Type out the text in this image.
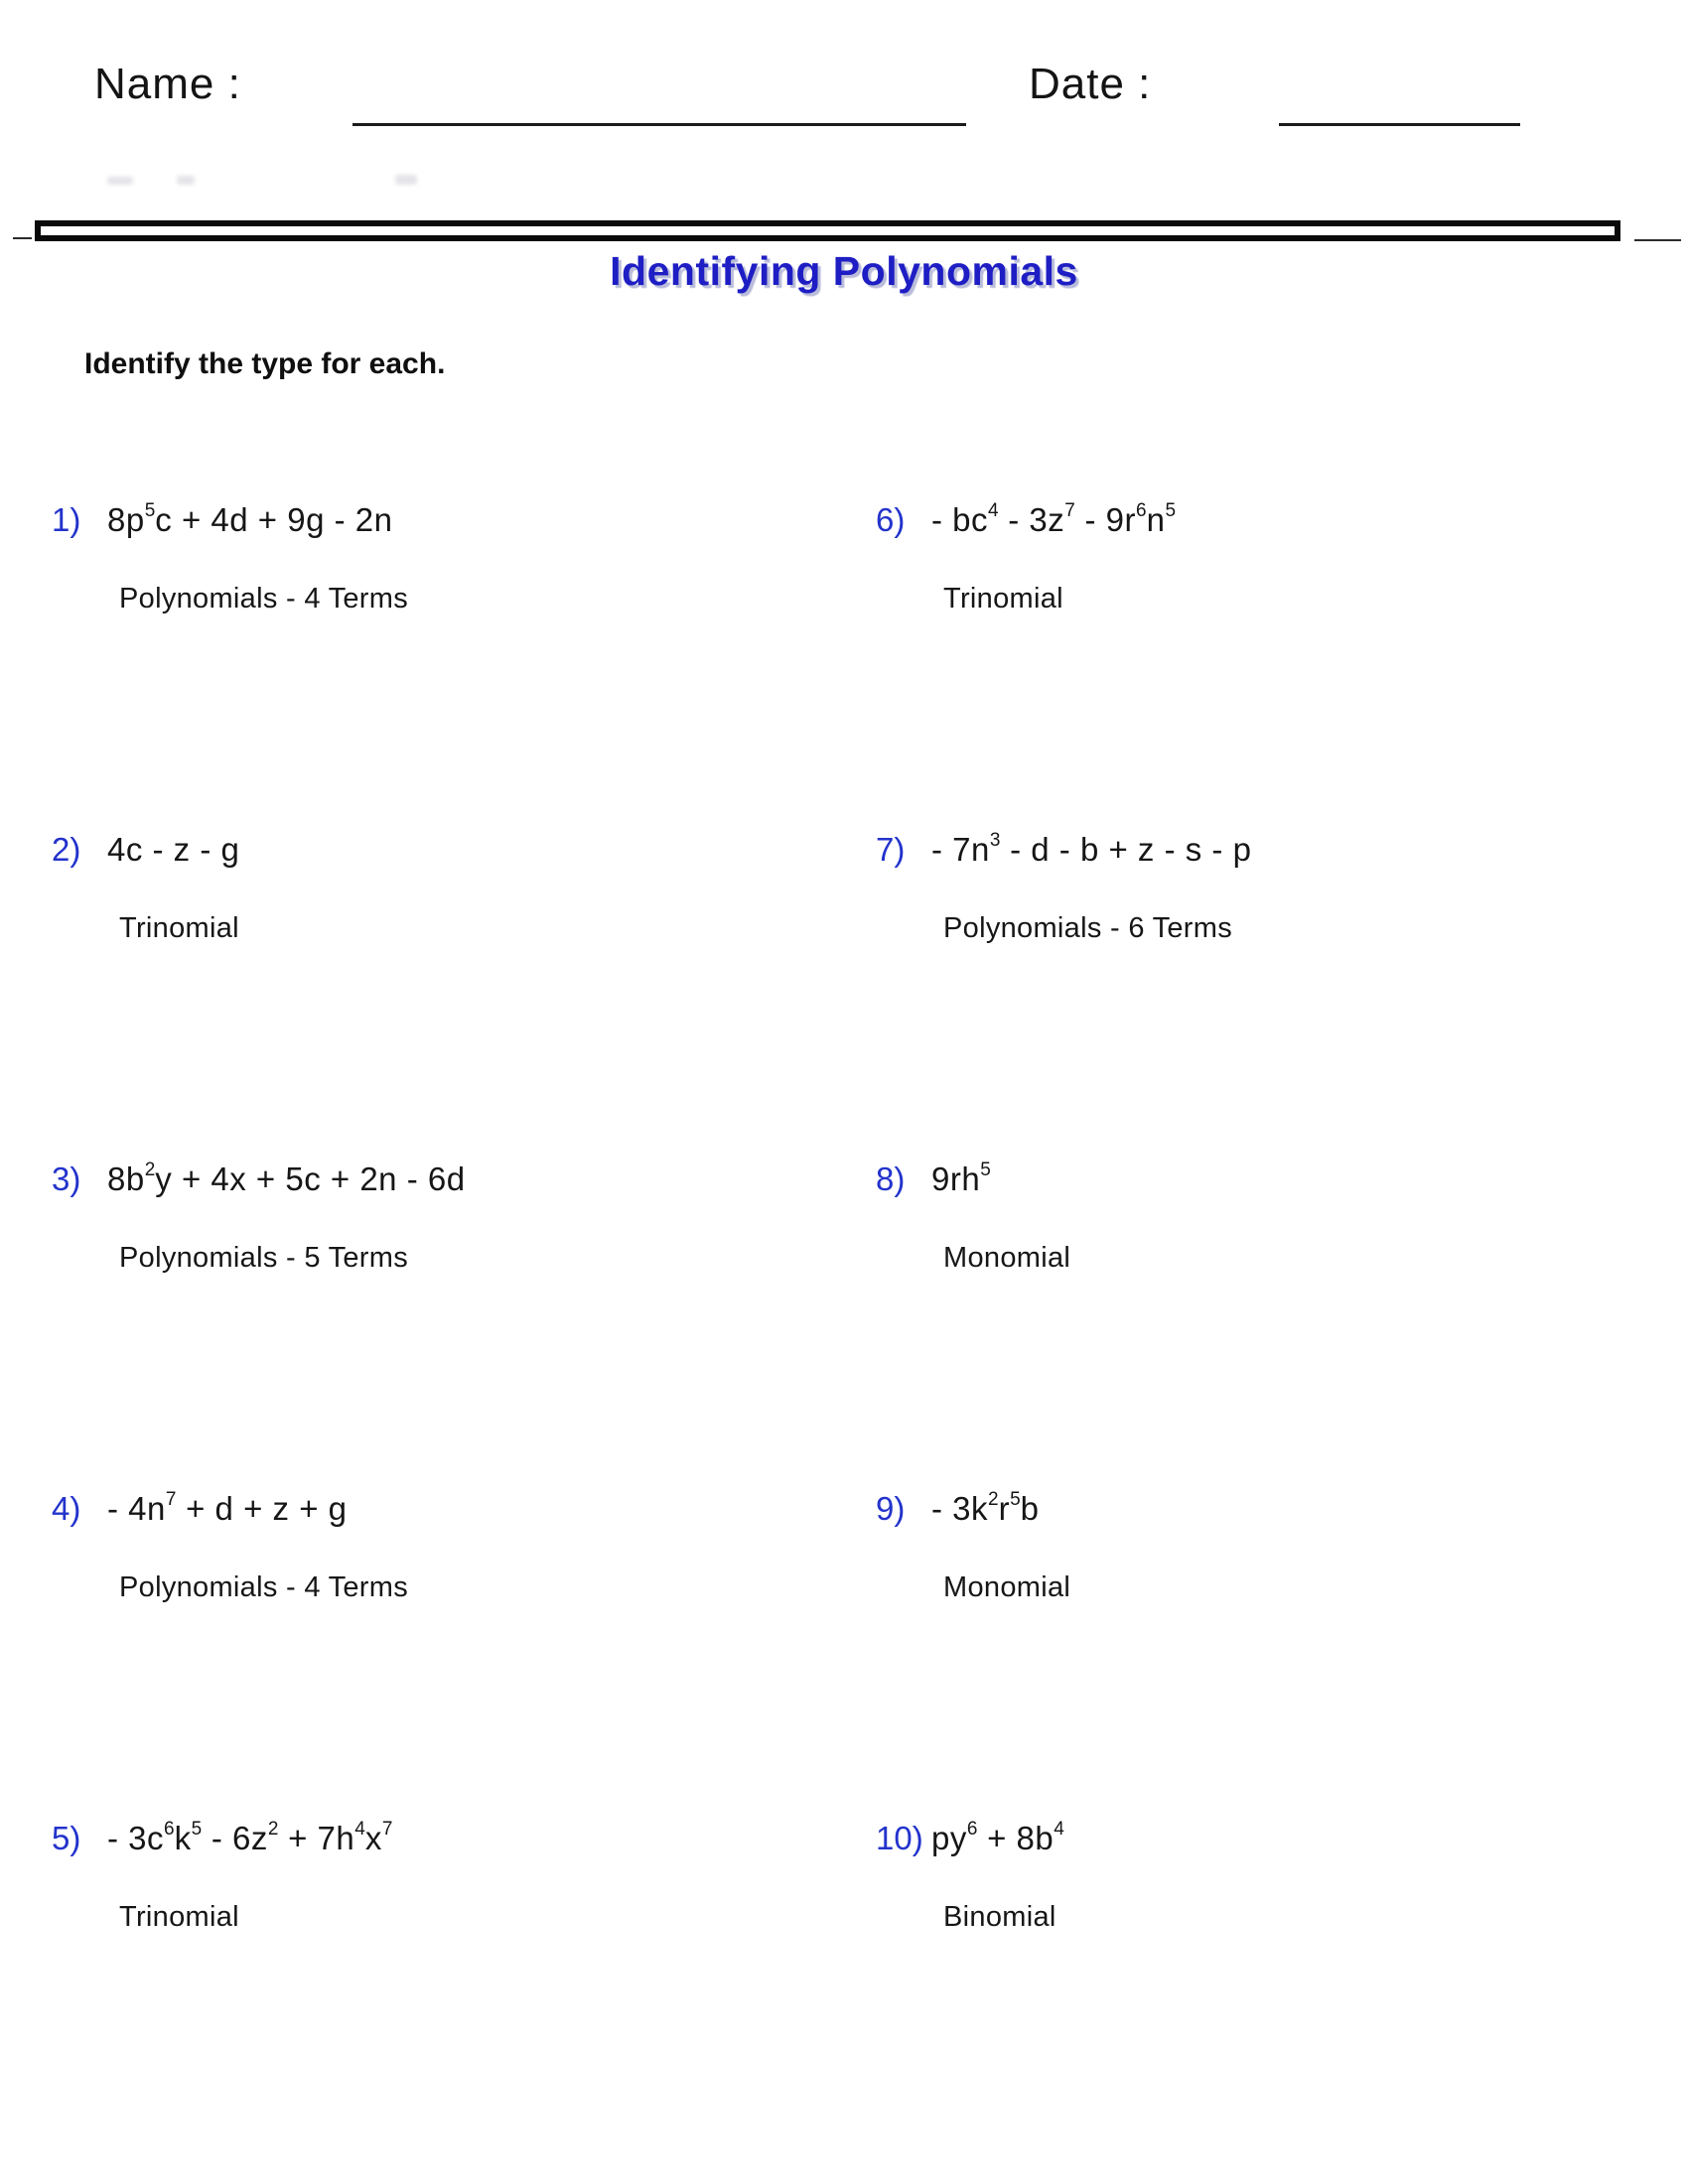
Name :	Date :
Identifying Polynomials
Identify the type for each.
1) $8p^5c + 4d + 9g - 2n$
Polynomials - 4 Terms
2) 4c - z - g
Trinomial
3) $8b^2y + 4x + 5c + 2n - 6d$
Polynomials - 5 Terms
$4) - 4n^7 + d + z + g$
Polynomials - 4 Terms
$5) - 3c^6k^5 - 6z^2 + 7h^4x^7$
Trinomial
$6) - bc^4 - 3z^7 - 9r^6n^5$
Trinomial
$7) - 7n^3 - d - b + z - s - p$
Polynomials - 6 Terms
8) $9rh^5$
Monomial
$9) - 3k^2r^5b$
Monomial
10) $py^6 + 8b^4$
Binomial
